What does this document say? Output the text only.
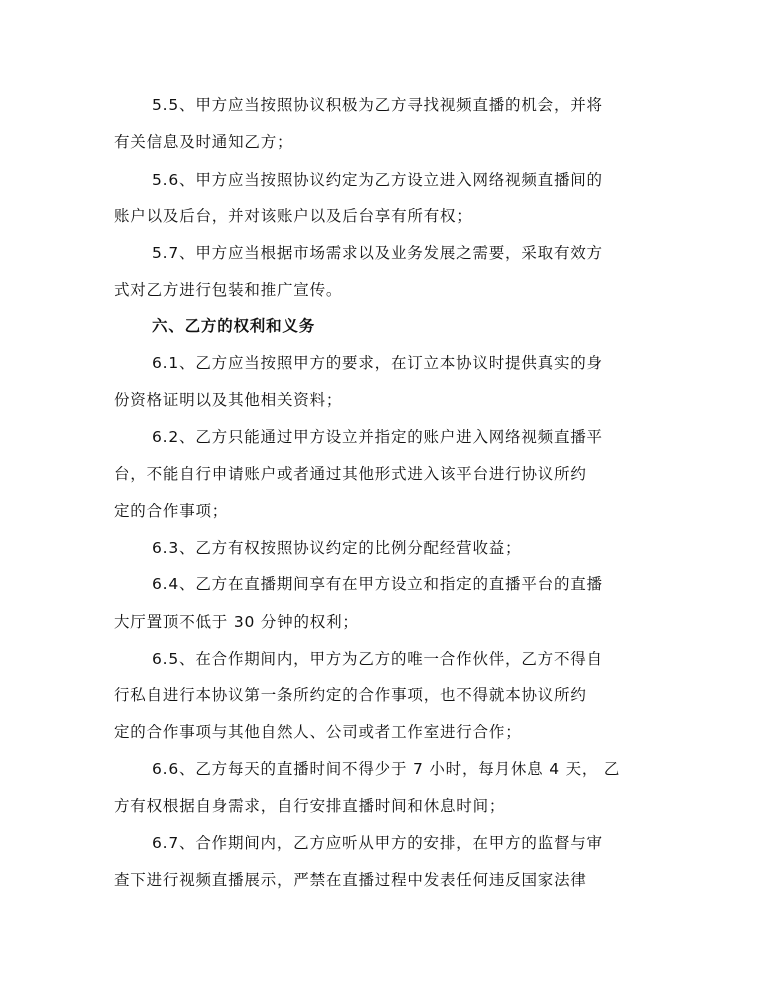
5.5、甲方应当按照协议积极为乙方寻找视频直播的机会，并将
有关信息及时通知乙方；
5.6、甲方应当按照协议约定为乙方设立进入网络视频直播间的
账户以及后台，并对该账户以及后台享有所有权；
5.7、甲方应当根据市场需求以及业务发展之需要，采取有效方
式对乙方进行包装和推广宣传。
六、乙方的权利和义务
6.1、乙方应当按照甲方的要求，在订立本协议时提供真实的身
份资格证明以及其他相关资料；
6.2、乙方只能通过甲方设立并指定的账户进入网络视频直播平
台，不能自行申请账户或者通过其他形式进入该平台进行协议所约
定的合作事项；
6.3、乙方有权按照协议约定的比例分配经营收益；
6.4、乙方在直播期间享有在甲方设立和指定的直播平台的直播
大厅置顶不低于 30 分钟的权利；
6.5、在合作期间内，甲方为乙方的唯一合作伙伴，乙方不得自
行私自进行本协议第一条所约定的合作事项，也不得就本协议所约
定的合作事项与其他自然人、公司或者工作室进行合作；
6.6、乙方每天的直播时间不得少于 7 小时，每月休息 4 天， 乙
方有权根据自身需求，自行安排直播时间和休息时间；
6.7、合作期间内，乙方应听从甲方的安排，在甲方的监督与审
查下进行视频直播展示，严禁在直播过程中发表任何违反国家法律
